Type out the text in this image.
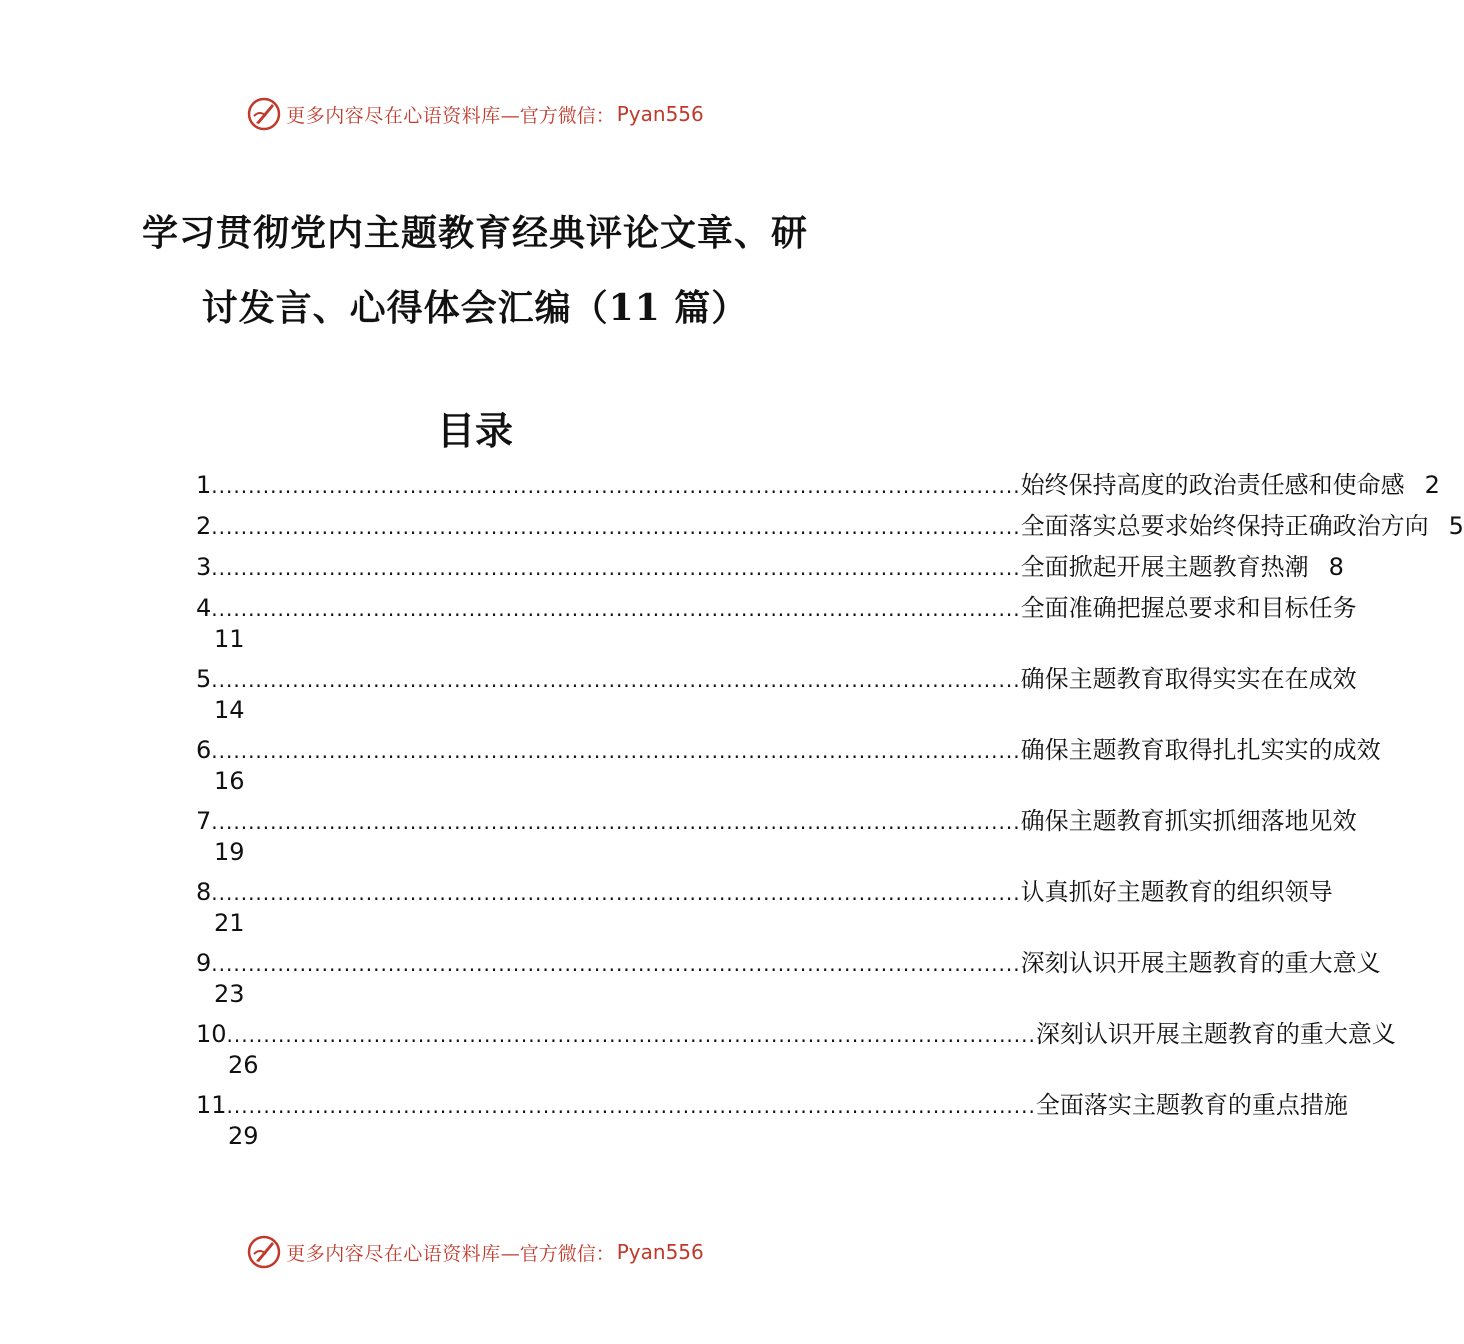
更多内容尽在心语资料库 —官方微信： Pyan556
学习贯彻党内主题教育经典评论文章、研
讨发言、心得体会汇编（11 篇）
目录
1 .............................................................................................................. 始终保持高度的政治责任感和使命感 2
2 .............................................................................................................. 全面落实总要求始终保持正确政治方向 5
3 .............................................................................................................. 全面掀起开展主题教育热潮 8
4 .............................................................................................................. 全面准确把握总要求和目标任务
11
5 .............................................................................................................. 确保主题教育取得实实在在成效
14
6 .............................................................................................................. 确保主题教育取得扎扎实实的成效
16
7 .............................................................................................................. 确保主题教育抓实抓细落地见效
19
8 .............................................................................................................. 认真抓好主题教育的组织领导
21
9 .............................................................................................................. 深刻认识开展主题教育的重大意义
23
10 .............................................................................................................. 深刻认识开展主题教育的重大意义
26
11 .............................................................................................................. 全面落实主题教育的重点措施
29
更多内容尽在心语资料库 —官方微信： Pyan556
